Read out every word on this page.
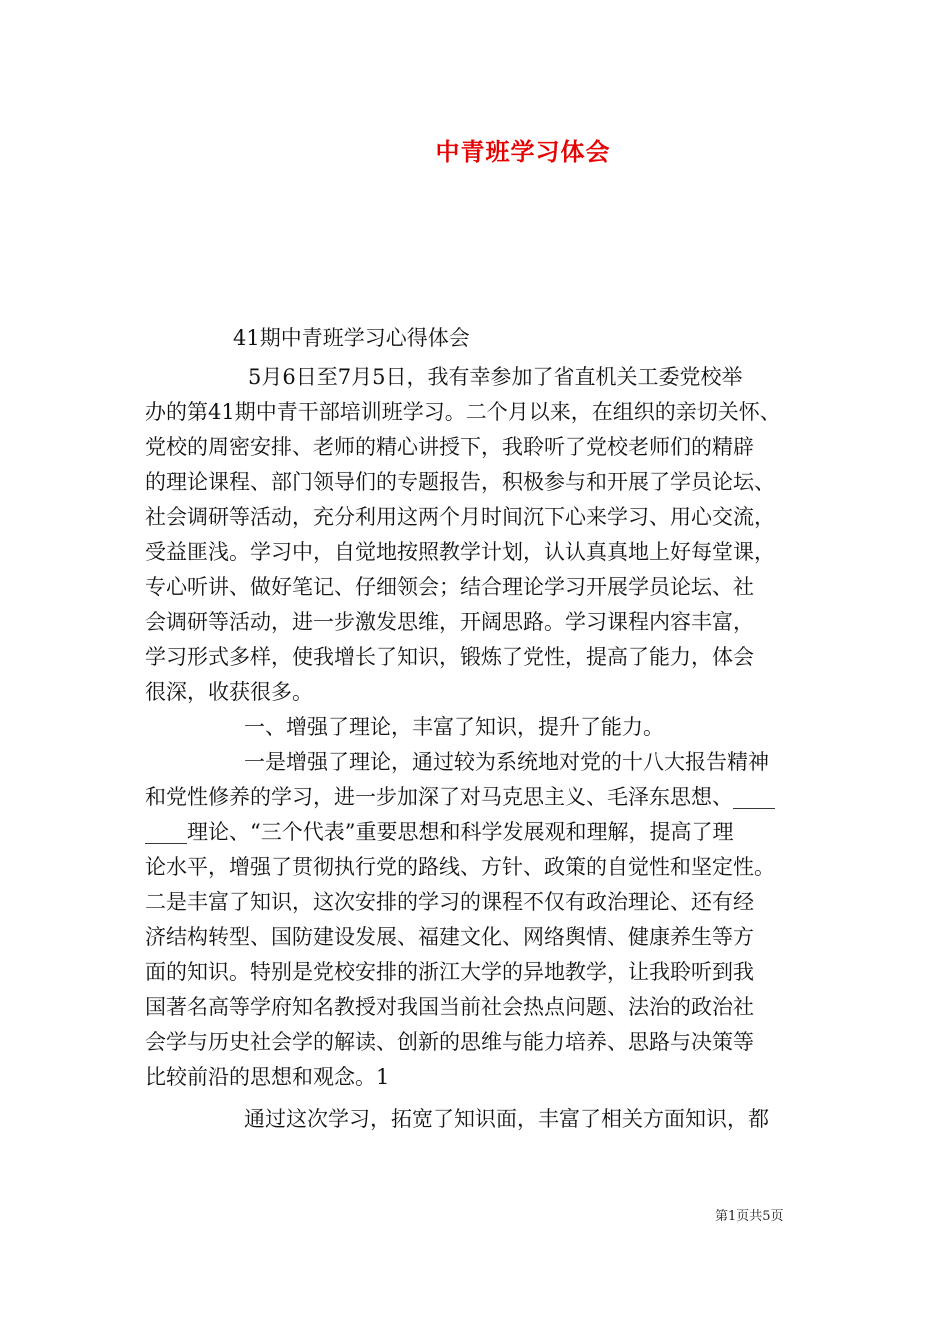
中青班学习体会
41期中青班学习心得体会
5月6日至7月5日，我有幸参加了省直机关工委党校举
办的第41期中青干部培训班学习。二个月以来，在组织的亲切关怀、
党校的周密安排、老师的精心讲授下，我聆听了党校老师们的精辟
的理论课程、部门领导们的专题报告，积极参与和开展了学员论坛、
社会调研等活动，充分利用这两个月时间沉下心来学习、用心交流，
受益匪浅。学习中，自觉地按照教学计划，认认真真地上好每堂课，
专心听讲、做好笔记、仔细领会；结合理论学习开展学员论坛、社
会调研等活动，进一步激发思维，开阔思路。学习课程内容丰富，
学习形式多样，使我增长了知识，锻炼了党性，提高了能力，体会
很深，收获很多。
一、增强了理论，丰富了知识，提升了能力。
一是增强了理论，通过较为系统地对党的十八大报告精神
和党性修养的学习，进一步加深了对马克思主义、毛泽东思想、____
____理论、“三个代表”重要思想和科学发展观和理解，提高了理
论水平，增强了贯彻执行党的路线、方针、政策的自觉性和坚定性。
二是丰富了知识，这次安排的学习的课程不仅有政治理论、还有经
济结构转型、国防建设发展、福建文化、网络舆情、健康养生等方
面的知识。特别是党校安排的浙江大学的异地教学，让我聆听到我
国著名高等学府知名教授对我国当前社会热点问题、法治的政治社
会学与历史社会学的解读、创新的思维与能力培养、思路与决策等
比较前沿的思想和观念。1
通过这次学习，拓宽了知识面，丰富了相关方面知识，都
第1页共5页
